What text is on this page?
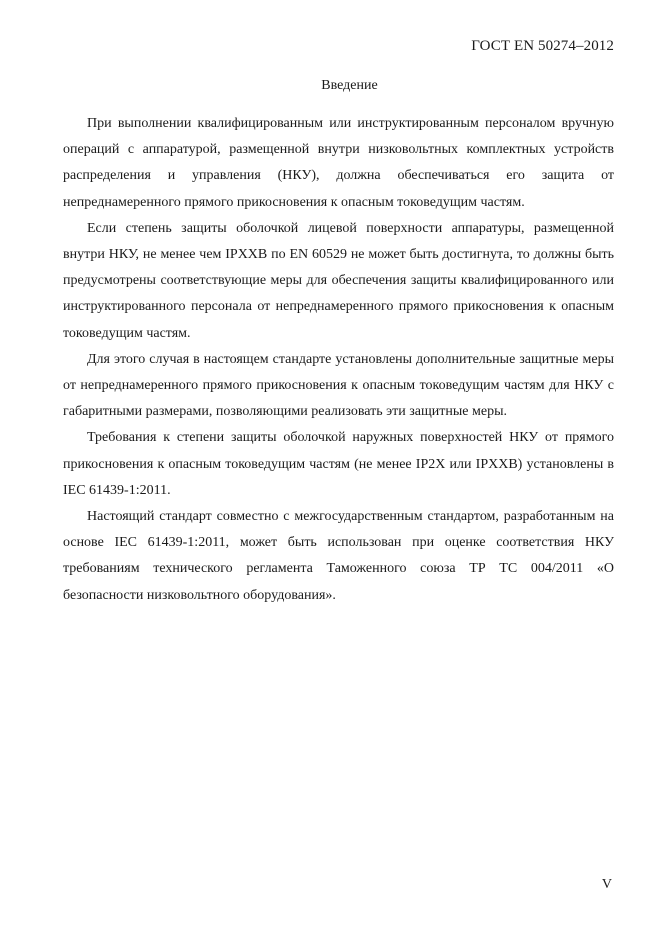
ГОСТ EN 50274–2012
Введение

При выполнении квалифицированным или инструктированным персоналом вручную операций с аппаратурой, размещенной внутри низковольтных комплектных устройств распределения и управления (НКУ), должна обеспечиваться его защита от непреднамеренного прямого прикосновения к опасным токоведущим частям.

Если степень защиты оболочкой лицевой поверхности аппаратуры, размещенной внутри НКУ, не менее чем IPXXB по EN 60529 не может быть достигнута, то должны быть предусмотрены соответствующие меры для обеспечения защиты квалифицированного или инструктированного персонала от непреднамеренного прямого прикосновения к опасным токоведущим частям.

Для этого случая в настоящем стандарте установлены дополнительные защитные меры от непреднамеренного прямого прикосновения к опасным токоведущим частям для НКУ с габаритными размерами, позволяющими реализовать эти защитные меры.

Требования к степени защиты оболочкой наружных поверхностей НКУ от прямого прикосновения к опасным токоведущим частям (не менее IP2X или IPXXB) установлены в IEC 61439-1:2011.

Настоящий стандарт совместно с межгосударственным стандартом, разработанным на основе IEC 61439-1:2011, может быть использован при оценке соответствия НКУ требованиям технического регламента Таможенного союза ТР ТС 004/2011 «О безопасности низковольтного оборудования».

V
